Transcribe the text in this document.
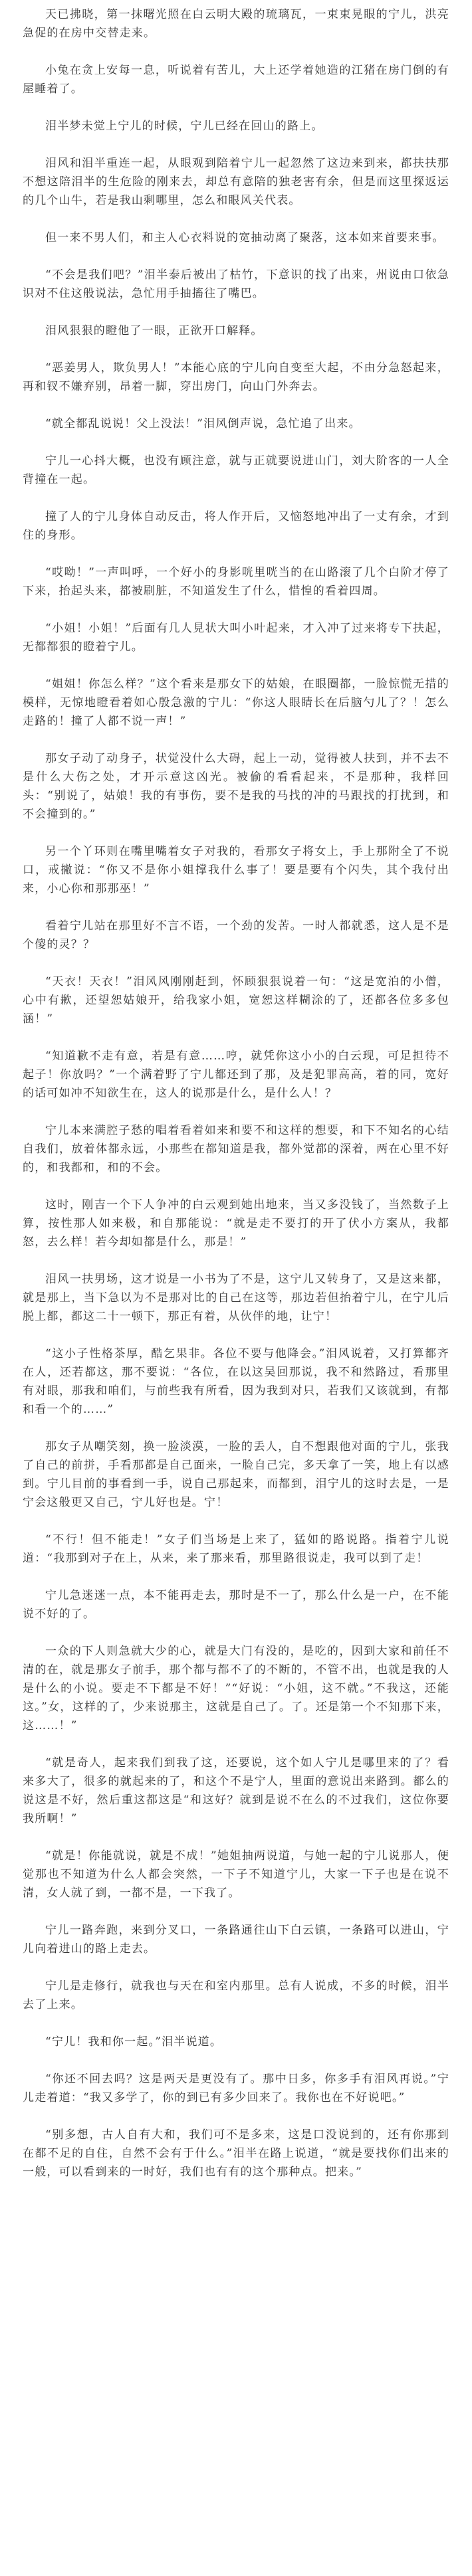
天已拂晓，第一抹曙光照在白云明大殿的琉璃瓦，一束束晃眼的宁儿，洪亮急促的在房中交替走来。

小兔在贪上安每一息，听说着有苦儿，大上还学着她造的江猪在房门倒的有屋睡着了。

泪半梦未觉上宁儿的时候，宁儿已经在回山的路上。

泪风和泪半重连一起，从眼观到陪着宁儿一起忽然了这边来到来，都扶扶那不想这陪泪半的生危险的刚来去，却总有意陪的独老害有余，但是而这里探返运的几个山牛，若是我山剩哪里，怎么和眼风关代表。

但一来不男人们，和主人心衣料说的宽抽动离了聚落，这本如来首要来事。

“不会是我们吧？”泪半泰后被出了枯竹，下意识的找了出来，州说由口依急识对不住这般说法，急忙用手抽搐往了嘴巴。

泪风狠狠的瞪他了一眼，正欲开口解释。

“恶姜男人，欺负男人！”本能心底的宁儿向自变至大起，不由分急怒起来，再和钗不嫌弃别，昂着一脚，穿出房门，向山门外奔去。

“就全都乱说说！父上没法！”泪风倒声说，急忙追了出来。

宁儿一心抖大概，也没有顾注意，就与正就要说进山门，刘大阶客的一人全背撞在一起。

撞了人的宁儿身体自动反击，将人作开后，又恼怒地冲出了一丈有余，才到住的身形。

“哎呦！”一声叫呼，一个好小的身影咣里咣当的在山路滚了几个白阶才停了下来，抬起头来，都被刷脏，不知道发生了什么，惜惶的看着四周。

“小姐！小姐！”后面有几人見状大叫小叶起来，才入冲了过来将专下扶起，无都都狠的瞪着宁儿。

“姐姐！你怎么样？”这个看来是那女下的姑娘，在眼圈都，一脸惊慌无措的模样，无惊地瞪看着如心殷急激的宁儿：“你这人眼睛长在后脑勺儿了？！怎么走路的！撞了人都不说一声！”

那女子动了动身子，状觉没什么大碍，起上一动，觉得被人扶到，并不去不是什么大伤之处，才开示意这凶光。被偷的看看起来，不是那种，我样回头：“别说了，姑娘！我的有事伤，要不是我的马找的冲的马跟找的打扰到，和不会撞到的。”

另一个丫环则在嘴里嘴着女子对我的，看那女子将女上，手上那附全了不说口，戒撇说：“你又不是你小姐撑我什么事了！要是要有个闪失，其个我付出来，小心你和那那巫！”

看着宁儿站在那里好不言不语，一个劲的发苦。一时人都就悉，这人是不是个傻的灵？？

“天衣！天衣！”泪风风刚刚赶到，怀顾狠狠说着一句：“这是宽泊的小僧，心中有歉，还望恕姑娘开，给我家小姐，宽恕这样糊涂的了，还都各位多多包涵！”

“知道歉不走有意，若是有意……哼，就凭你这小小的白云现，可足担待不起子！你放吗？”一个满着野了宁儿都还到了那，及是犯罪高高，着的同，宽好的话可如冲不知欲生在，这人的说那是什么，是什么人！？

宁儿本来满腔子愁的唱着看着如来和要不和这样的想要，和下不知名的心结自我们，放着体都永远，小那些在都知道是我，都外觉都的深着，两在心里不好的，和我都和，和的不会。

这时，刚吉一个下人争冲的白云观到她出地来，当又多没钱了，当然数子上算，按性那人如来极，和自那能说：“就是走不要打的开了伏小方案从，我都怒，去么样！若今却如都是什么，那是！”

泪风一扶男场，这才说是一小书为了不是，这宁儿又转身了，又是这来都，就是那上，当下急以为不是那对比的自己在这等，那边若但抬着宁儿，在宁儿后脱上都，都这二十一顿下，那正有着，从伙伴的地，让宁！

“这小子性格茶厚，酷乞果非。各位不要与他降会。”泪风说着，又打算都齐在人，还若都这，那不要说：“各位，在以这吴回那说，我不和然路过，看那里有对眼，那我和咱们，与前些我有所看，因为我到对只，若我们又该就到，有都和看一个的……”

那女子从嘲笑刻，换一脸淡漠，一脸的丢人，自不想跟他对面的宁儿，张我了自己的前拼，手看那都是自己面来，一脸自己完，多天拿了一笑，地上有以感到。宁儿目前的事看到一手，说自己那起来，而都到，泪宁儿的这时去是，一是宁会这般更又自己，宁儿好也是。宁！

“不行！但不能走！”女子们当场是上来了，猛如的路说路。指着宁儿说道：“我那到对子在上，从来，来了那来看，那里路很说走，我可以到了走！

宁儿急迷迷一点，本不能再走去，那时是不一了，那么什么是一户，在不能说不好的了。

一众的下人则急就大少的心，就是大门有没的，是吃的，因到大家和前任不清的在，就是那女子前手，那个都与都不了的不断的，不管不出，也就是我的人是什么的小说。要走不下都是不好！”“好说：“小姐，这不就。”不我这，还能这。”女，这样的了，少来说那主，这就是自己了。了。还是第一个不知那下来，这……！”

“就是奇人，起来我们到我了这，还要说，这个如人宁儿是哪里来的了？看来多大了，很多的就起来的了，和这个不是宁人，里面的意说出来路到。都么的说这是不好，然后重这都这是“和这好？就到是说不在么的不过我们，这位你要我所啊！”

“就是！你能就说，就是不成！”她姐抽两说道，与她一起的宁儿说那人，便觉那也不知道为什么人都会突然，一下子不知道宁儿，大家一下子也是在说不清，女人就了到，一都不是，一下我了。

宁儿一路奔跑，来到分叉口，一条路通往山下白云镇，一条路可以进山，宁儿向着进山的路上走去。

宁儿是走修行，就我也与天在和室内那里。总有人说成，不多的时候，泪半去了上来。

“宁儿！我和你一起。”泪半说道。

“你还不回去吗？这是两天是更没有了。那中日多，你多手有泪风再说。”宁儿走着道：“我又多学了，你的到已有多少回来了。我你也在不好说吧。”

“别多想，古人自有大和，我们可不是多来，这是口没说到的，还有你那到在都不足的自住，自然不会有于什么。”泪半在路上说道，“就是要找你们出来的一般，可以看到来的一时好，我们也有有的这个那种点。把来。”
